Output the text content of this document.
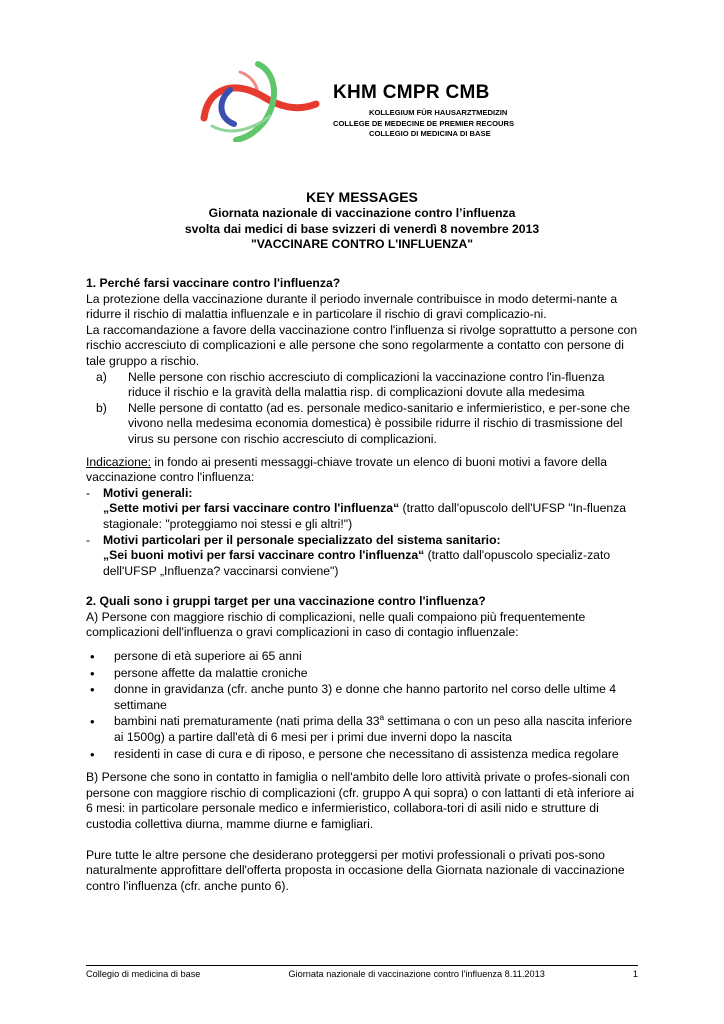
KHM CMPR CMB
KOLLEGIUM FÜR HAUSARZTMEDIZIN
COLLEGE DE MEDECINE DE PREMIER RECOURS
COLLEGIO DI MEDICINA DI BASE
KEY MESSAGES
Giornata nazionale di vaccinazione contro l’influenza
svolta dai medici di base svizzeri di venerdì 8 novembre 2013
"VACCINARE CONTRO L'INFLUENZA"

1. Perché farsi vaccinare contro l'influenza?

La protezione della vaccinazione durante il periodo invernale contribuisce in modo determi-nante a ridurre il rischio di malattia influenzale e in particolare il rischio di gravi complicazio-ni.

La raccomandazione a favore della vaccinazione contro l'influenza si rivolge soprattutto a persone con rischio accresciuto di complicazioni e alle persone che sono regolarmente a contatto con persone di tale gruppo a rischio.

a)	Nelle persone con rischio accresciuto di complicazioni la vaccinazione contro l'in-fluenza riduce il rischio e la gravità della malattia risp. di complicazioni dovute alla medesima
b)	Nelle persone di contatto (ad es. personale medico-sanitario e infermieristico, e per-sone che vivono nella medesima economia domestica) è possibile ridurre il rischio di trasmissione del virus su persone con rischio accresciuto di complicazioni.

Indicazione: in fondo ai presenti messaggi-chiave trovate un elenco di buoni motivi a favore della vaccinazione contro l'influenza:

-	Motivi generali:
„Sette motivi per farsi vaccinare contro l'influenza“ (tratto dall'opuscolo dell'UFSP "In-fluenza stagionale: "proteggiamo noi stessi e gli altri!")
-	Motivi particolari per il personale specializzato del sistema sanitario:
„Sei buoni motivi per farsi vaccinare contro l'influenza“ (tratto dall'opuscolo specializ-zato dell'UFSP „Influenza? vaccinarsi conviene")

2. Quali sono i gruppi target per una vaccinazione contro l'influenza?

A) Persone con maggiore rischio di complicazioni, nelle quali compaiono più frequentemente complicazioni dell'influenza o gravi complicazioni in caso di contagio influenzale:

•	persone di età superiore ai 65 anni
•	persone affette da malattie croniche
•	donne in gravidanza (cfr. anche punto 3) e donne che hanno partorito nel corso delle ultime 4 settimane
•	bambini nati prematuramente (nati prima della 33$^a$ settimana o con un peso alla nascita inferiore ai 1500g) a partire dall'età di 6 mesi per i primi due inverni dopo la nascita
•	residenti in case di cura e di riposo, e persone che necessitano di assistenza medica regolare

B) Persone che sono in contatto in famiglia o nell'ambito delle loro attività private o profes-sionali con persone con maggiore rischio di complicazioni (cfr. gruppo A qui sopra) o con lattanti di età inferiore ai 6 mesi: in particolare personale medico e infermieristico, collabora-tori di asili nido e strutture di custodia collettiva diurna, mamme diurne e famigliari.

Pure tutte le altre persone che desiderano proteggersi per motivi professionali o privati pos-sono naturalmente approfittare dell'offerta proposta in occasione della Giornata nazionale di vaccinazione contro l'influenza (cfr. anche punto 6).

Collegio di medicina di base	Giornata nazionale di vaccinazione contro l'influenza 8.11.2013	1
